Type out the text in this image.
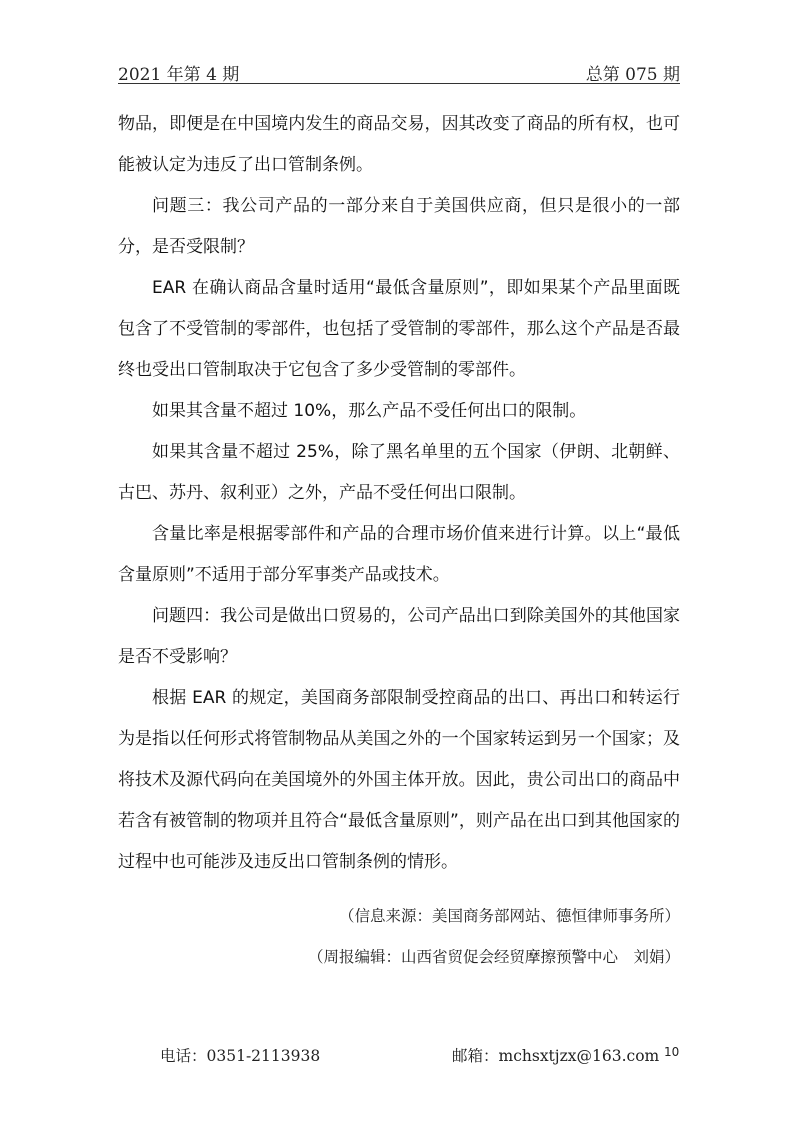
2021 年第 4 期	总第 075 期

物品，即便是在中国境内发生的商品交易，因其改变了商品的所有权，也可能被认定为违反了出口管制条例。

问题三：我公司产品的一部分来自于美国供应商，但只是很小的一部分，是否受限制？

EAR 在确认商品含量时适用“最低含量原则”，即如果某个产品里面既包含了不受管制的零部件，也包括了受管制的零部件，那么这个产品是否最终也受出口管制取决于它包含了多少受管制的零部件。

如果其含量不超过 10%，那么产品不受任何出口的限制。

如果其含量不超过 25%，除了黑名单里的五个国家（伊朗、北朝鲜、古巴、苏丹、叙利亚）之外，产品不受任何出口限制。

含量比率是根据零部件和产品的合理市场价值来进行计算。以上“最低含量原则”不适用于部分军事类产品或技术。

问题四：我公司是做出口贸易的，公司产品出口到除美国外的其他国家是否不受影响？

根据 EAR 的规定，美国商务部限制受控商品的出口、再出口和转运行为是指以任何形式将管制物品从美国之外的一个国家转运到另一个国家；及将技术及源代码向在美国境外的外国主体开放。因此，贵公司出口的商品中若含有被管制的物项并且符合“最低含量原则”，则产品在出口到其他国家的过程中也可能涉及违反出口管制条例的情形。

（信息来源：美国商务部网站、德恒律师事务所）
（周报编辑：山西省贸促会经贸摩擦预警中心　刘娟）
电话：0351-2113938	邮箱：mchsxtjzx@163.com 10
